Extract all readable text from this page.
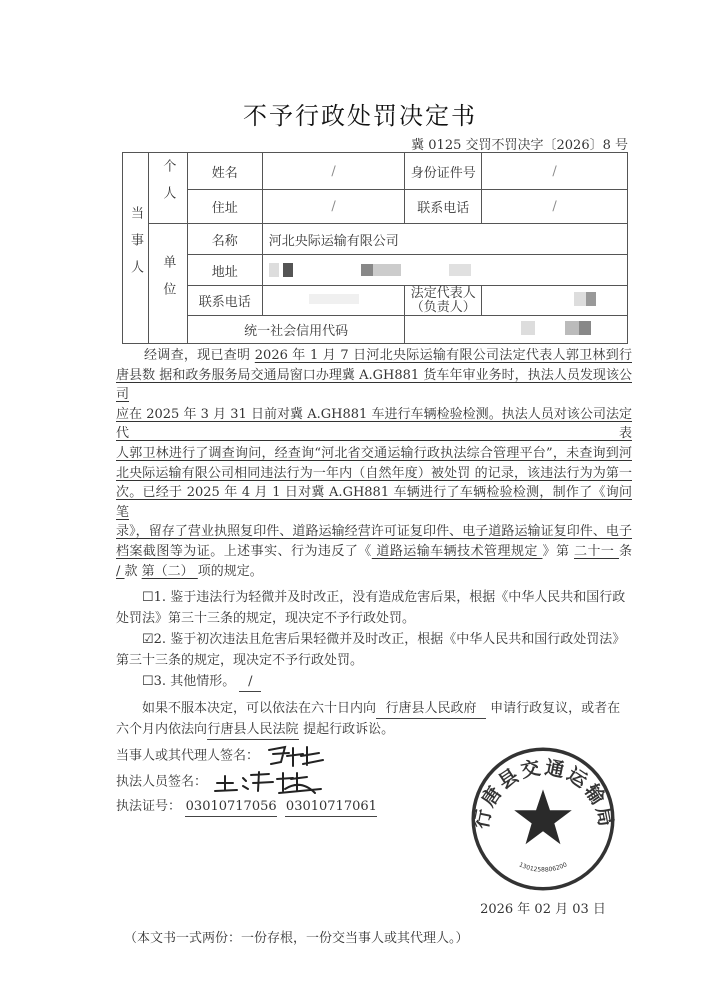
不予行政处罚决定书
冀 0125 交罚不罚决字〔2026〕8 号
当事人	个人	姓名	/	身份证件号	/
		住址	/	联系电话	/
	单位	名称	河北央际运输有限公司		
		地址			
		联系电话		法定代表人
（负责人）	

		统一社会信用代码			
经调查，现已查明 2026 年 1 月 7 日河北央际运输有限公司法定代表人郭卫林到行
唐县数 据和政务服务局交通局窗口办理冀 A.GH881 货车年审业务时，执法人员发现该公司
应在 2025 年 3 月 31 日前对冀 A.GH881 车进行车辆检验检测。执法人员对该公司法定代表
人郭卫林进行了调查询问，经查询“河北省交通运输行政执法综合管理平台”，未查询到河
北央际运输有限公司相同违法行为一年内（自然年度）被处罚 的记录，该违法行为为第一
次。已经于 2025 年 4 月 1 日对冀 A.GH881 车辆进行了车辆检验检测，制作了《询问笔
录》，留存了营业执照复印件、道路运输经营许可证复印件、电子道路运输证复印件、电子
档案截图等为证。上述事实、行为违反了《 道路运输车辆技术管理规定 》第 二十一 条
/ 款 第（二） 项的规定。
☐1. 鉴于违法行为轻微并及时改正，没有造成危害后果，根据《中华人民共和国行政
处罚法》第三十三条的规定，现决定不予行政处罚。
☑2. 鉴于初次违法且危害后果轻微并及时改正，根据《中华人民共和国行政处罚法》
第三十三条的规定，现决定不予行政处罚。
☐3. 其他情形。 /
如果不服本决定，可以依法在六十日内向 行唐县人民政府 申请行政复议，或者在
六个月内依法向行唐县人民法院 提起行政诉讼。
当事人或其代理人签名：
执法人员签名：
执法证号： 03010717056 03010717061	行唐县交通运输局
1301258806200
2026 年 02 月 03 日
（本文书一式两份：一份存根，一份交当事人或其代理人。）
